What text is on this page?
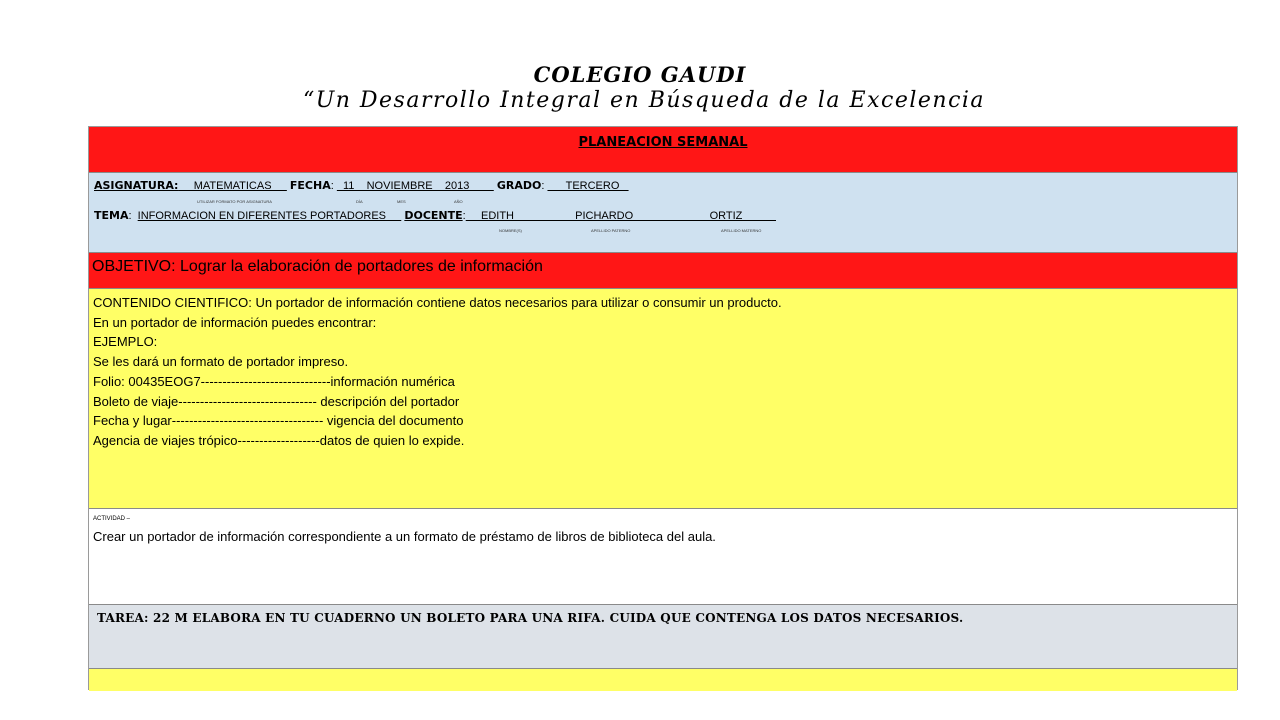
COLEGIO GAUDI
“Un Desarrollo Integral en Búsqueda de la Excelencia
PLANEACION SEMANAL
ASIGNATURA:     MATEMATICAS      FECHA:   11    NOVIEMBRE    2013         GRADO:       TERCERO
UTILIZAR FORMATO POR ASIGNATURA	DÍA	MES	AÑO
TEMA:  INFORMACION EN DIFERENTES PORTADORES      DOCENTE:     EDITH                    PICHARDO                         ORTIZ
NOMBRE(S)	APELLIDO PATERNO	APELLIDO MATERNO
OBJETIVO: Lograr la elaboración de portadores de información
CONTENIDO CIENTIFICO: Un portador de información contiene datos necesarios para utilizar o consumir un producto.
En un portador de información puedes encontrar:
EJEMPLO:
Se les dará un formato de portador impreso.
Folio: 00435EOG7------------------------------información numérica
Boleto de viaje-------------------------------- descripción del portador
Fecha y lugar----------------------------------- vigencia del documento
Agencia de viajes trópico-------------------datos de quien lo expide.
ACTIVIDAD –
Crear un portador de información correspondiente a un formato de préstamo de libros de biblioteca del aula.
TAREA: 22 M ELABORA EN TU CUADERNO UN BOLETO PARA UNA RIFA. CUIDA QUE CONTENGA LOS DATOS NECESARIOS.
